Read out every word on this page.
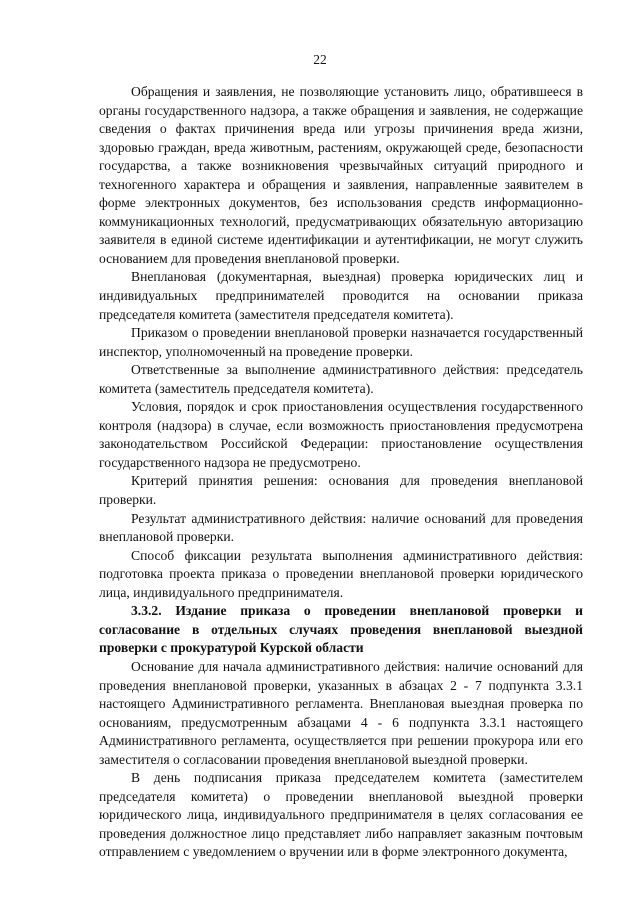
22

Обращения и заявления, не позволяющие установить лицо, обратившееся в органы государственного надзора, а также обращения и заявления, не содержащие сведения о фактах причинения вреда или угрозы причинения вреда жизни, здоровью граждан, вреда животным, растениям, окружающей среде, безопасности государства, а также возникновения чрезвычайных ситуаций природного и техногенного характера и обращения и заявления, направленные заявителем в форме электронных документов, без использования средств информационно-коммуникационных технологий, предусматривающих обязательную авторизацию заявителя в единой системе идентификации и аутентификации, не могут служить основанием для проведения внеплановой проверки.

Внеплановая (документарная, выездная) проверка юридических лиц и индивидуальных предпринимателей проводится на основании приказа председателя комитета (заместителя председателя комитета).

Приказом о проведении внеплановой проверки назначается государственный инспектор, уполномоченный на проведение проверки.

Ответственные за выполнение административного действия: председатель комитета (заместитель председателя комитета).

Условия, порядок и срок приостановления осуществления государственного контроля (надзора) в случае, если возможность приостановления предусмотрена законодательством Российской Федерации: приостановление осуществления государственного надзора не предусмотрено.

Критерий принятия решения: основания для проведения внеплановой проверки.

Результат административного действия: наличие оснований для проведения внеплановой проверки.

Способ фиксации результата выполнения административного действия: подготовка проекта приказа о проведении внеплановой проверки юридического лица, индивидуального предпринимателя.

3.3.2. Издание приказа о проведении внеплановой проверки и согласование в отдельных случаях проведения внеплановой выездной проверки с прокуратурой Курской области

Основание для начала административного действия: наличие оснований для проведения внеплановой проверки, указанных в абзацах 2 - 7 подпункта 3.3.1 настоящего Административного регламента. Внеплановая выездная проверка по основаниям, предусмотренным абзацами 4 - 6 подпункта 3.3.1 настоящего Административного регламента, осуществляется при решении прокурора или его заместителя о согласовании проведения внеплановой выездной проверки.

В день подписания приказа председателем комитета (заместителем председателя комитета) о проведении внеплановой выездной проверки юридического лица, индивидуального предпринимателя в целях согласования ее проведения должностное лицо представляет либо направляет заказным почтовым отправлением с уведомлением о вручении или в форме электронного документа,
